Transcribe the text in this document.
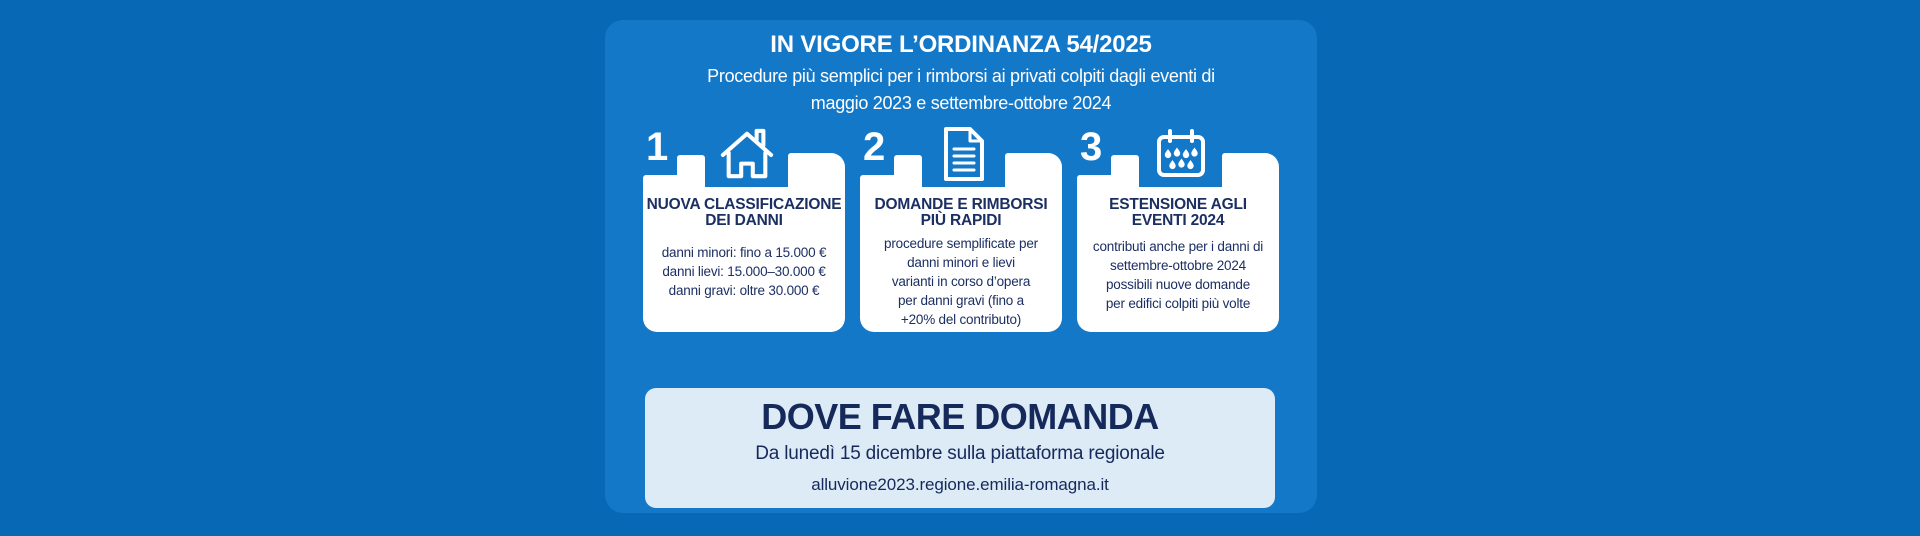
IN VIGORE L’ORDINANZA 54/2025
Procedure più semplici per i rimborsi ai privati colpiti dagli eventi di
maggio 2023 e settembre-ottobre 2024
1
NUOVA CLASSIFICAZIONE
DEI DANNI
danni minori: fino a 15.000 €
danni lievi: 15.000–30.000 €
danni gravi: oltre 30.000 €
2
DOMANDE E RIMBORSI
PIÙ RAPIDI
procedure semplificate per
danni minori e lievi
varianti in corso d’opera
per danni gravi (fino a
+20% del contributo)
3
ESTENSIONE AGLI
EVENTI 2024
contributi anche per i danni di
settembre-ottobre 2024
possibili nuove domande
per edifici colpiti più volte
DOVE FARE DOMANDA
Da lunedì 15 dicembre sulla piattaforma regionale
alluvione2023.regione.emilia-romagna.it
